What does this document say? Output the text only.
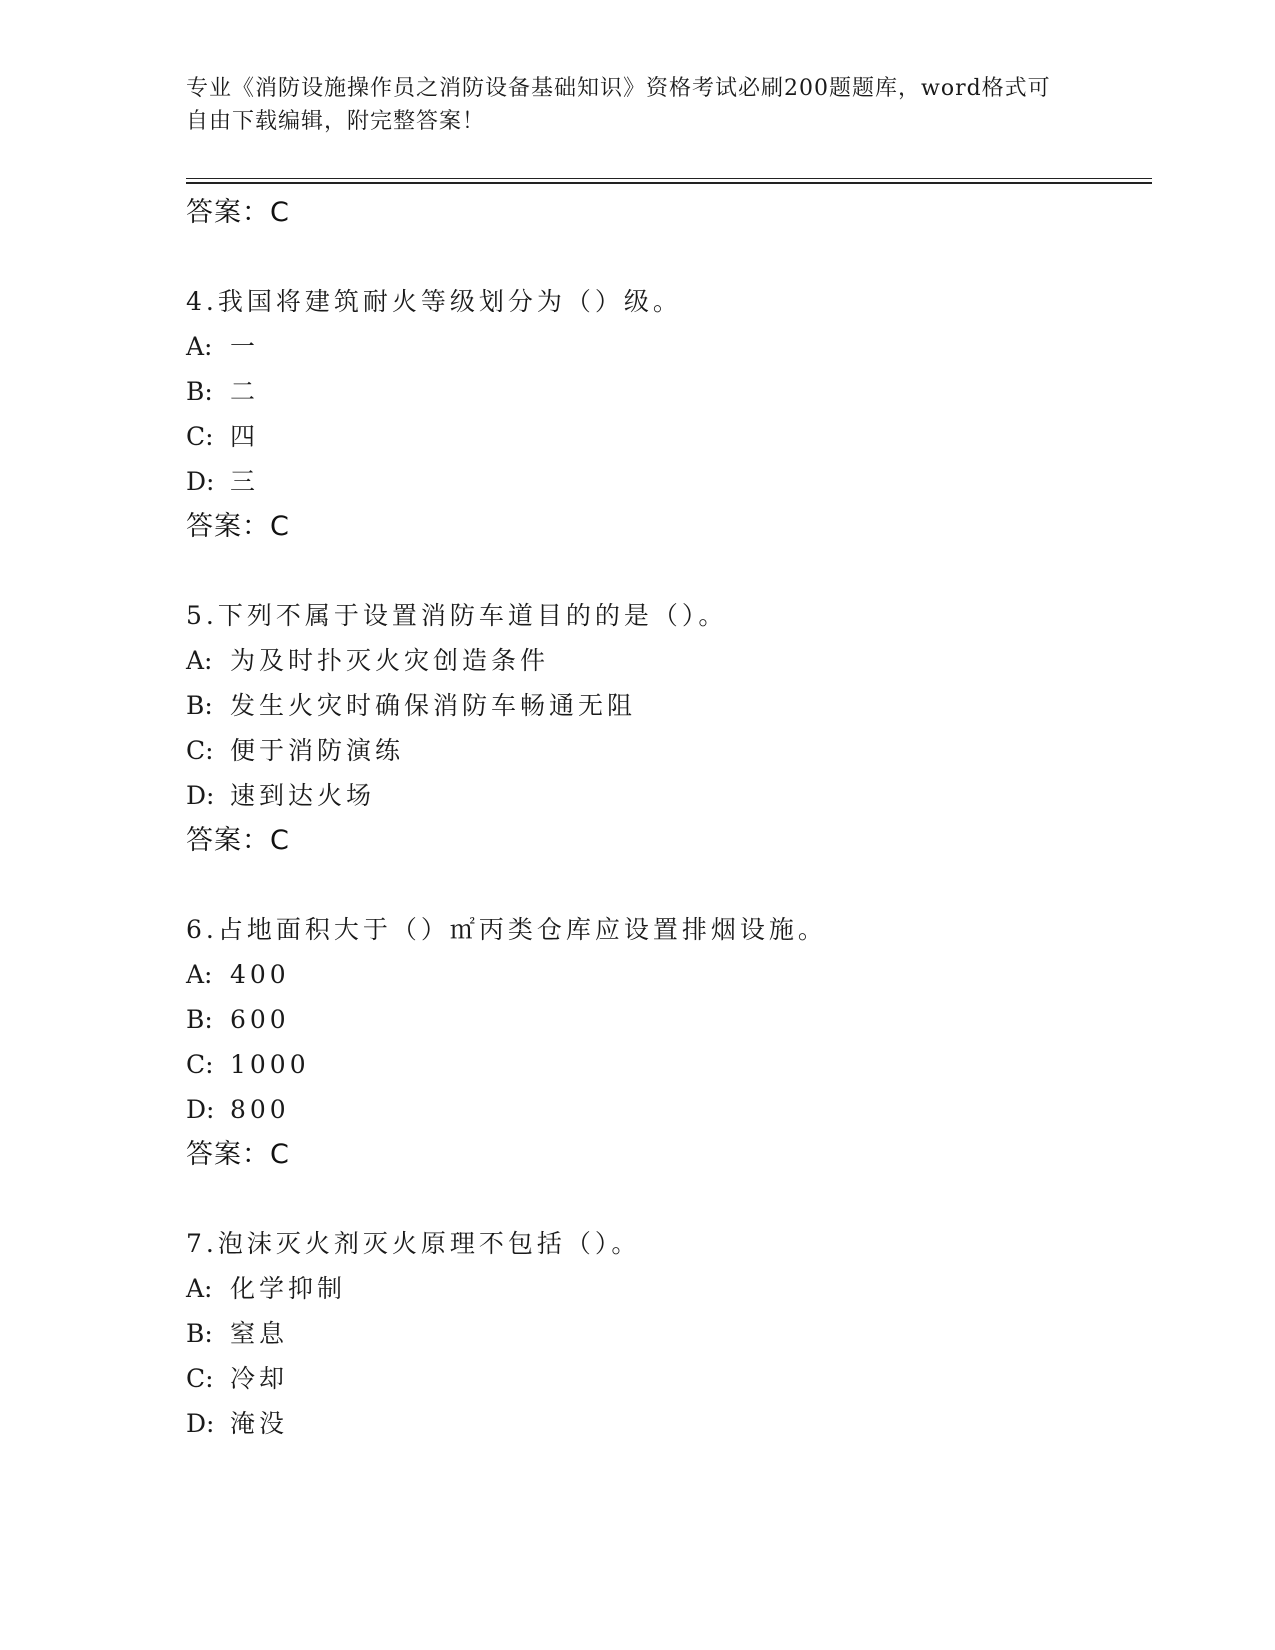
专业《消防设施操作员之消防设备基础知识》资格考试必刷200题题库，word格式可自由下载编辑，附完整答案！
答案：C
4.我国将建筑耐火等级划分为（）级。
A: 一
B: 二
C: 四
D: 三
答案：C
5.下列不属于设置消防车道目的的是（）。
A: 为及时扑灭火灾创造条件
B: 发生火灾时确保消防车畅通无阻
C: 便于消防演练
D: 速到达火场
答案：C
6.占地面积大于（）㎡丙类仓库应设置排烟设施。
A: 400
B: 600
C: 1000
D: 800
答案：C
7.泡沫灭火剂灭火原理不包括（）。
A: 化学抑制
B: 窒息
C: 冷却
D: 淹没
